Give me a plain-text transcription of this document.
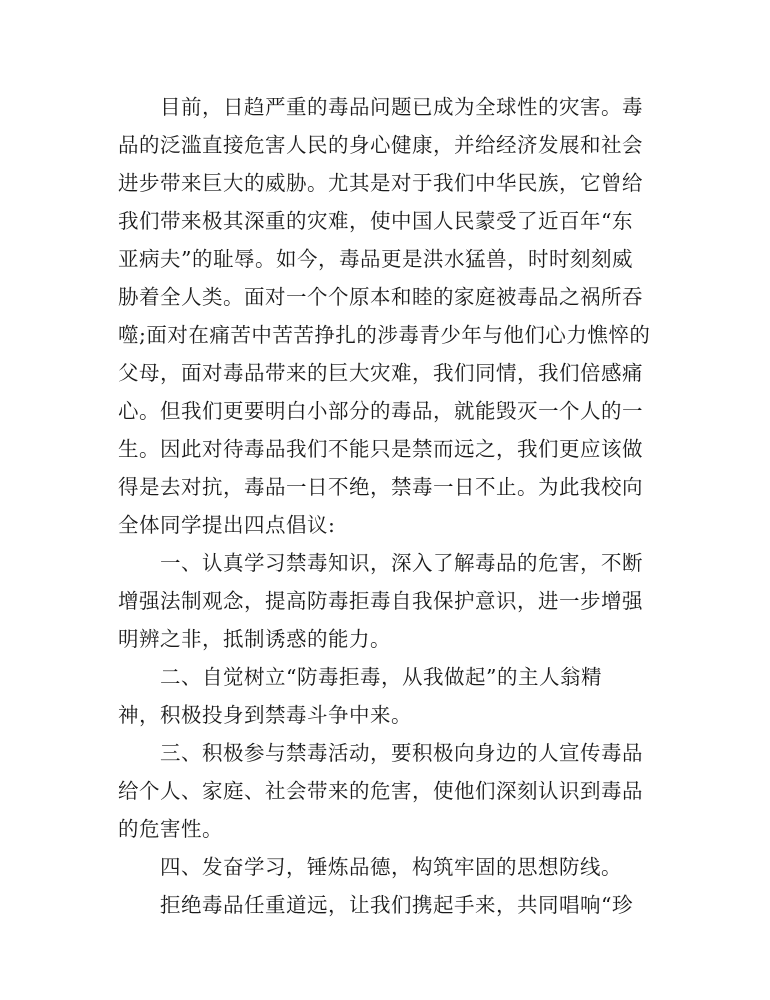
目前，日趋严重的毒品问题已成为全球性的灾害。毒
品的泛滥直接危害人民的身心健康，并给经济发展和社会
进步带来巨大的威胁。尤其是对于我们中华民族，它曾给
我们带来极其深重的灾难，使中国人民蒙受了近百年“东
亚病夫”的耻辱。如今，毒品更是洪水猛兽，时时刻刻威
胁着全人类。面对一个个原本和睦的家庭被毒品之祸所吞
噬;面对在痛苦中苦苦挣扎的涉毒青少年与他们心力憔悴的
父母，面对毒品带来的巨大灾难，我们同情，我们倍感痛
心。但我们更要明白小部分的毒品，就能毁灭一个人的一
生。因此对待毒品我们不能只是禁而远之，我们更应该做
得是去对抗，毒品一日不绝，禁毒一日不止。为此我校向
全体同学提出四点倡议:
一、认真学习禁毒知识，深入了解毒品的危害，不断
增强法制观念，提高防毒拒毒自我保护意识，进一步增强
明辨之非，抵制诱惑的能力。
二、自觉树立“防毒拒毒，从我做起”的主人翁精
神，积极投身到禁毒斗争中来。
三、积极参与禁毒活动，要积极向身边的人宣传毒品
给个人、家庭、社会带来的危害，使他们深刻认识到毒品
的危害性。
四、发奋学习，锤炼品德，构筑牢固的思想防线。
拒绝毒品任重道远，让我们携起手来，共同唱响“珍
